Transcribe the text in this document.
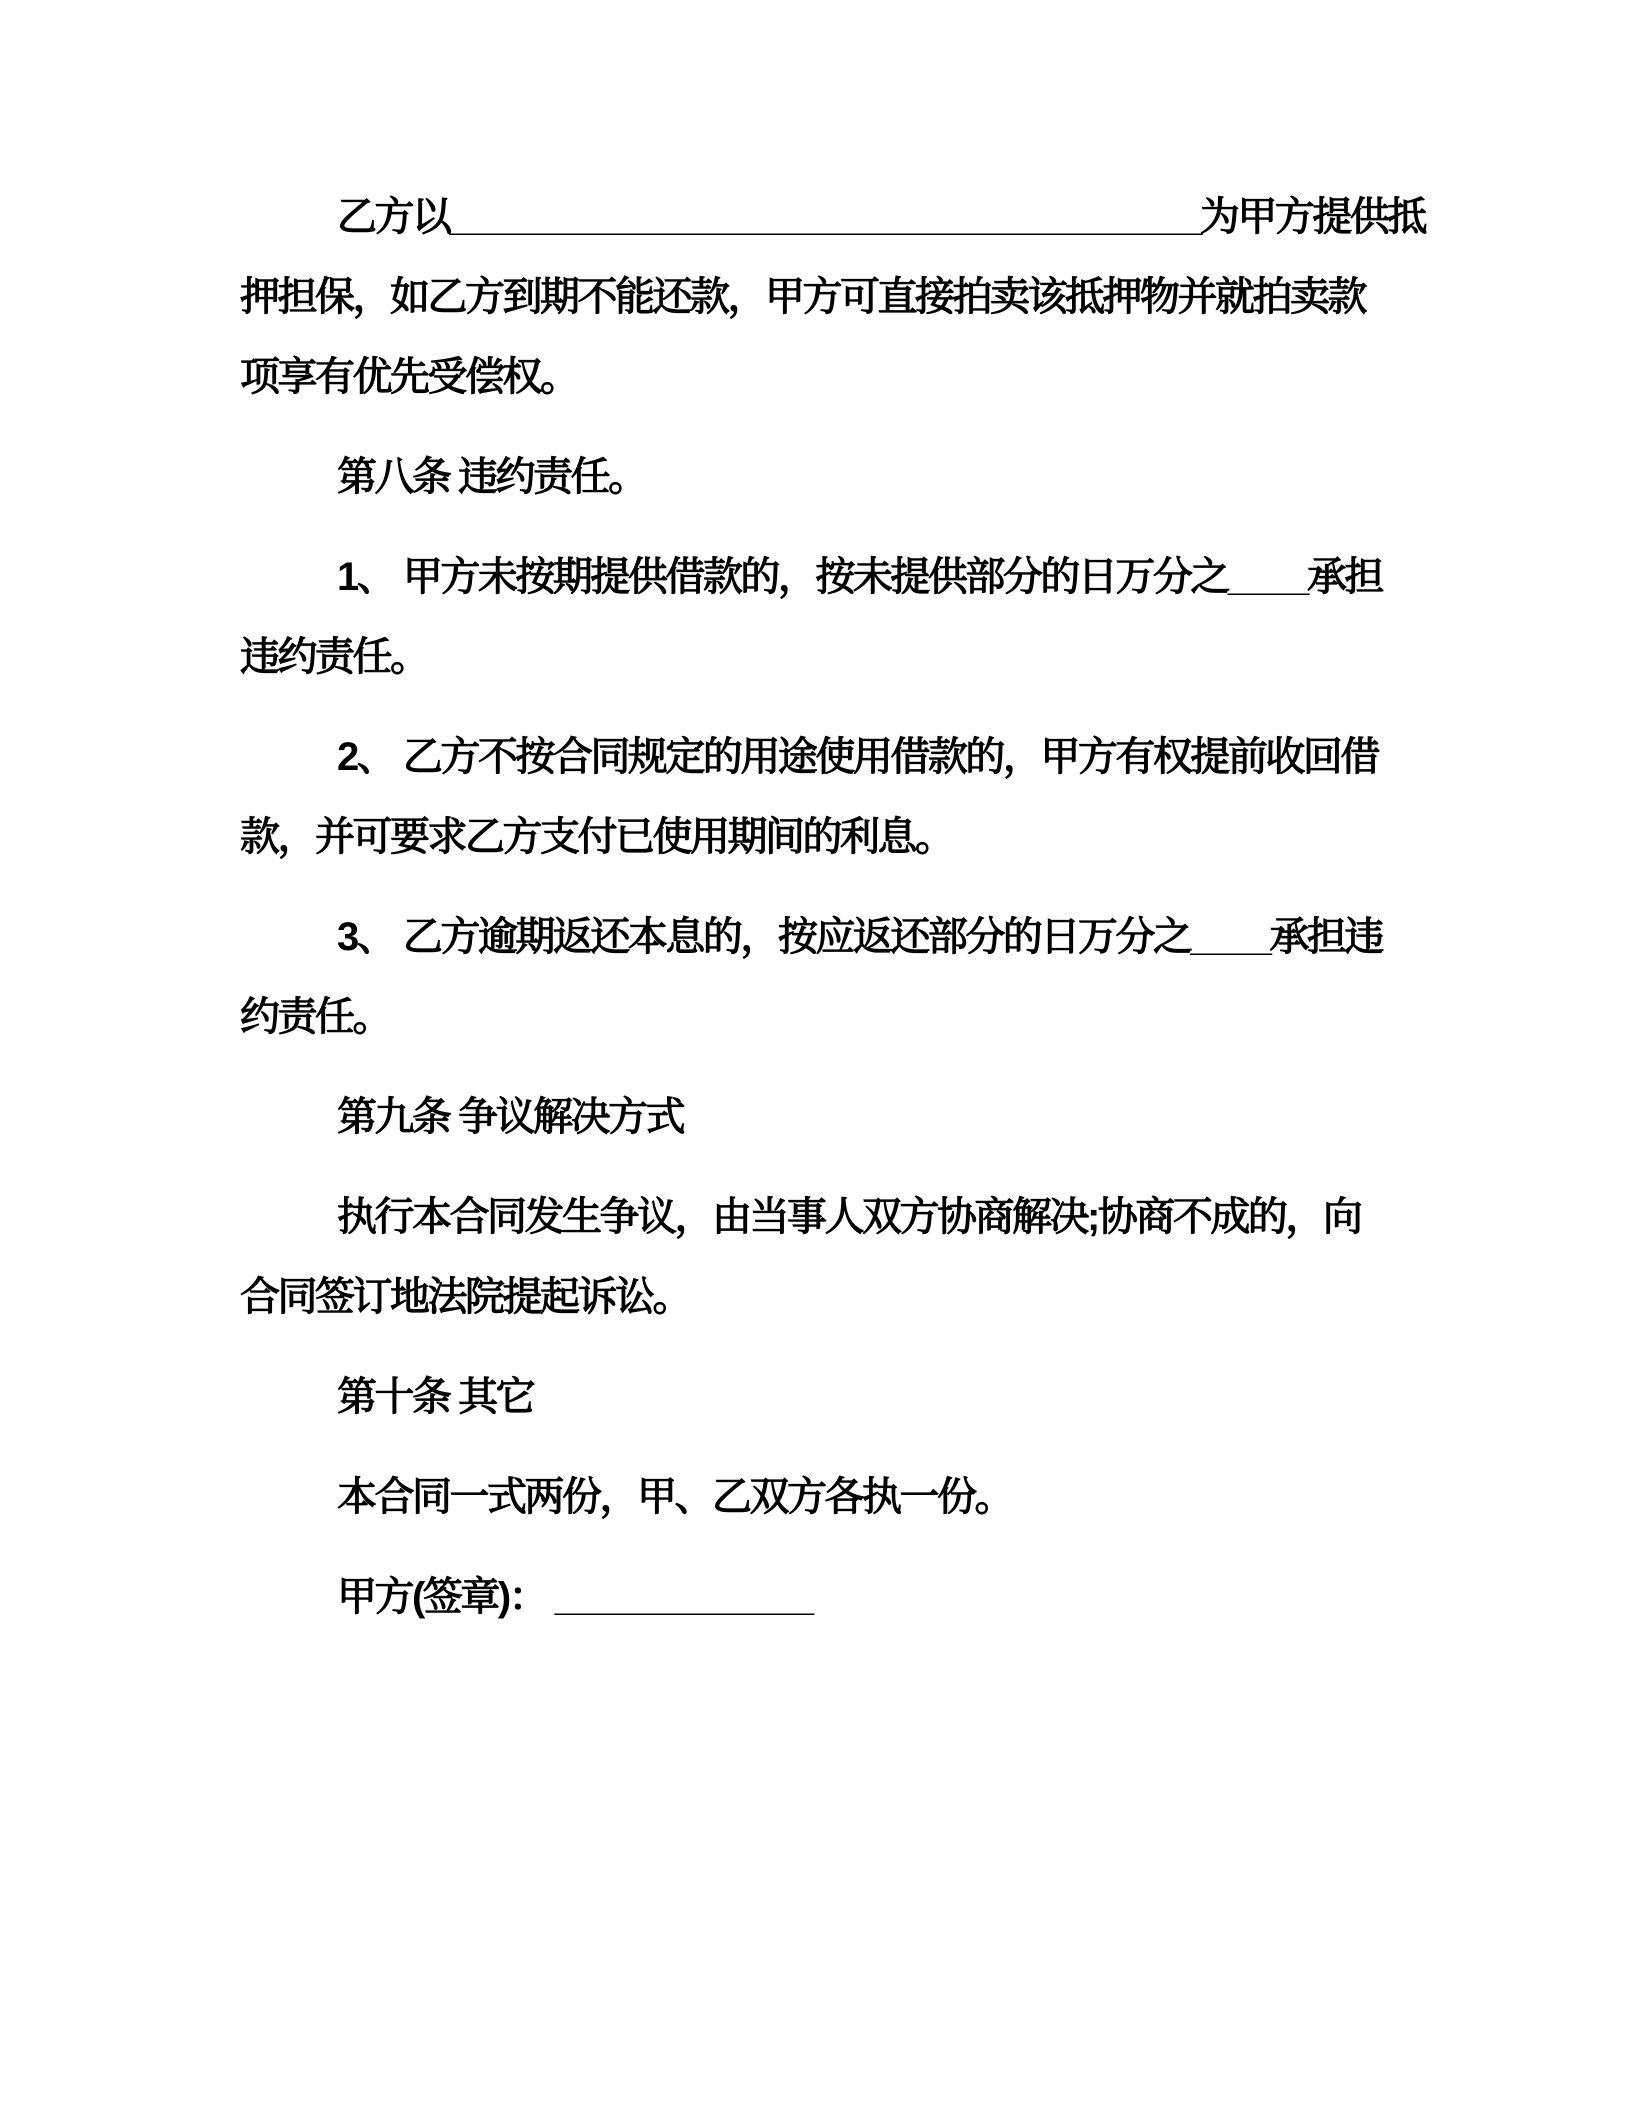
乙方以______________________________________为甲方提供抵
押担保，如乙方到期不能还款，甲方可直接拍卖该抵押物并就拍卖款
项享有优先受偿权。
第八条 违约责任。
1、 甲方未按期提供借款的，按未提供部分的日万分之____承担
违约责任。
2、 乙方不按合同规定的用途使用借款的，甲方有权提前收回借
款，并可要求乙方支付已使用期间的利息。
3、 乙方逾期返还本息的，按应返还部分的日万分之____承担违
约责任。
第九条 争议解决方式
执行本合同发生争议，由当事人双方协商解决;协商不成的，向
合同签订地法院提起诉讼。
第十条 其它
本合同一式两份，甲、乙双方各执一份。
甲方(签章)： _____________
